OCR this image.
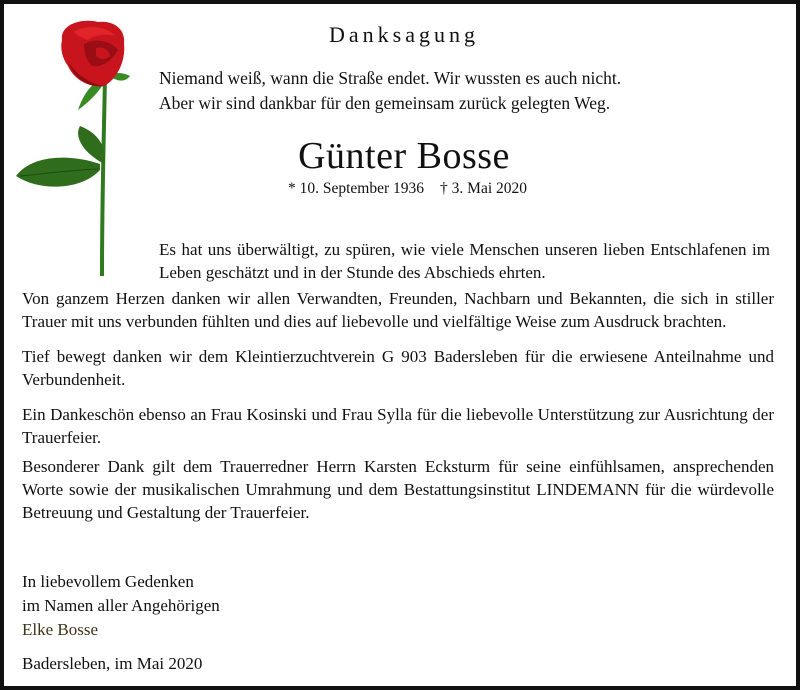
Danksagung

Niemand weiß, wann die Straße endet. Wir wussten es auch nicht.

Aber wir sind dankbar für den gemeinsam zurück gelegten Weg.

Günter Bosse
* 10. September 1936 † 3. Mai 2020
Es hat uns überwältigt, zu spüren, wie viele Menschen unseren lieben Entschlafenen im Leben geschätzt und in der Stunde des Abschieds ehrten.

Von ganzem Herzen danken wir allen Verwandten, Freunden, Nachbarn und Bekannten, die sich in stiller Trauer mit uns verbunden fühlten und dies auf liebevolle und vielfältige Weise zum Ausdruck brachten.

Tief bewegt danken wir dem Kleintierzuchtverein G 903 Badersleben für die erwiesene Anteilnahme und Verbundenheit.

Ein Dankeschön ebenso an Frau Kosinski und Frau Sylla für die liebevolle Unterstützung zur Ausrichtung der Trauerfeier.

Besonderer Dank gilt dem Trauerredner Herrn Karsten Ecksturm für seine einfühlsamen, ansprechenden Worte sowie der musikalischen Umrahmung und dem Bestattungsinstitut LINDEMANN für die würdevolle Betreuung und Gestaltung der Trauerfeier.

In liebevollem Gedenken
im Namen aller Angehörigen
Elke Bosse
Badersleben, im Mai 2020
